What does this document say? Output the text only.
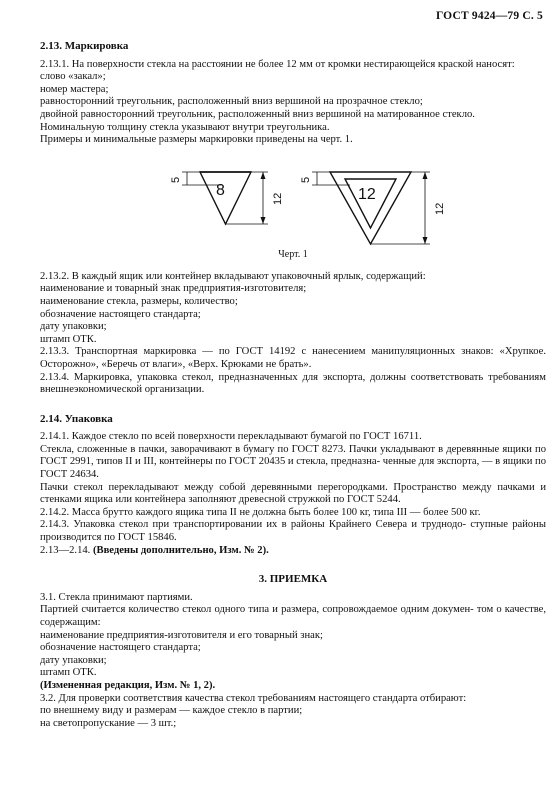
ГОСТ 9424—79 С. 5

2.13. Маркировка

2.13.1. На поверхности стекла на расстоянии не более 12 мм от кромки нестирающейся краской наносят:

слово «закал»;

номер мастера;

равносторонний треугольник, расположенный вниз вершиной на прозрачное стекло;

двойной равносторонний треугольник, расположенный вниз вершиной на матированное стекло.

Номинальную толщину стекла указывают внутри треугольника.

Примеры и минимальные размеры маркировки приведены на черт. 1.

8
5
12	12
5
12
Черт. 1

2.13.2. В каждый ящик или контейнер вкладывают упаковочный ярлык, содержащий:

наименование и товарный знак предприятия-изготовителя;

наименование стекла, размеры, количество;

обозначение настоящего стандарта;

дату упаковки;

штамп ОТК.

2.13.3. Транспортная маркировка — по ГОСТ 14192 с нанесением манипуляционных знаков: «Хрупкое. Осторожно», «Беречь от влаги», «Верх. Крюками не брать».

2.13.4. Маркировка, упаковка стекол, предназначенных для экспорта, должны соответствовать требованиям внешнеэкономической организации.

2.14. Упаковка

2.14.1. Каждое стекло по всей поверхности перекладывают бумагой по ГОСТ 16711.

Стекла, сложенные в пачки, заворачивают в бумагу по ГОСТ 8273. Пачки укладывают в деревянные ящики по ГОСТ 2991, типов II и III, контейнеры по ГОСТ 20435 и стекла, предназна- ченные для экспорта, — в ящики по ГОСТ 24634.

Пачки стекол перекладывают между собой деревянными перегородками. Пространство между пачками и стенками ящика или контейнера заполняют древесной стружкой по ГОСТ 5244.

2.14.2. Масса брутто каждого ящика типа II не должна быть более 100 кг, типа III — более 500 кг.

2.14.3. Упаковка стекол при транспортировании их в районы Крайнего Севера и труднодо- ступные районы производится по ГОСТ 15846.

2.13—2.14. (Введены дополнительно, Изм. № 2).

3. ПРИЕМКА

3.1. Стекла принимают партиями.

Партией считается количество стекол одного типа и размера, сопровождаемое одним докумен- том о качестве, содержащим:

наименование предприятия-изготовителя и его товарный знак;

обозначение настоящего стандарта;

дату упаковки;

штамп ОТК.

(Измененная редакция, Изм. № 1, 2).

3.2. Для проверки соответствия качества стекол требованиям настоящего стандарта отбирают:

по внешнему виду и размерам — каждое стекло в партии;

на светопропускание — 3 шт.;
